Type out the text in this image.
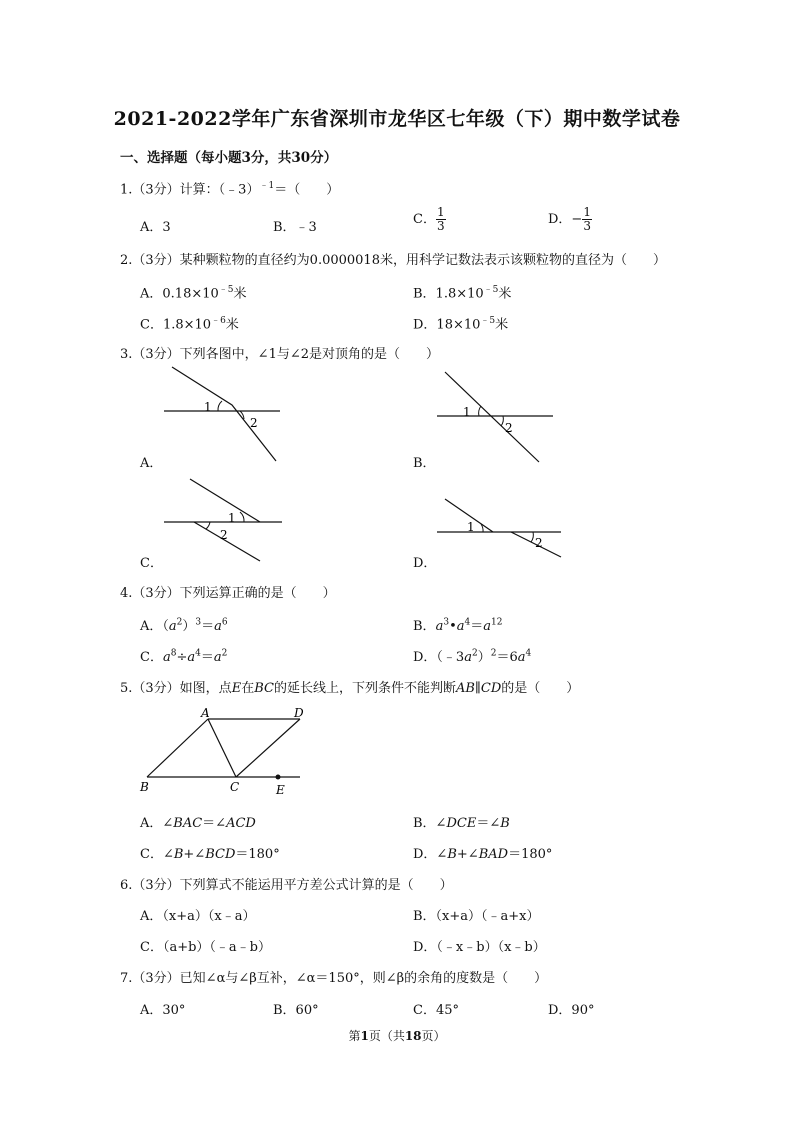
2021-2022学年广东省深圳市龙华区七年级（下）期中数学试卷
一、选择题（每小题3分，共30分）
1.（3分）计算：（﹣3）$^{﹣1}$＝（　　）
A．3	B．﹣3
C． $\frac{1}{3}$	D．− $\frac{1}{3}$
2.（3分）某种颗粒物的直径约为0.0000018米，用科学记数法表示该颗粒物的直径为（　　）
A．$0.18\times 10^{﹣5}$米	B．$1.8\times 10^{﹣5}$米
C．$1.8\times 10^{﹣6}$米	D．$18\times 10^{﹣5}$米
3.（3分）下列各图中，∠1与∠2是对顶角的是（　　）
1
2
A．
1
2
B．
1
2
C．
1
2
D．
4.（3分）下列运算正确的是（　　）
A．$(a^2)^3=a^6$	B．$a^3•a^4=a^{12}$
C．$a^8\div a^4=a^2$	D．$(﹣3a^2)^2=6a^4$
5.（3分）如图，点E在BC的延长线上，下列条件不能判断AB∥CD的是（　　）
A
B	C
D
E
A．∠BAC＝∠ACD	B．∠DCE＝∠B
C．∠B+∠BCD＝180°	D．∠B+∠BAD＝180°
6.（3分）下列算式不能运用平方差公式计算的是（　　）
A．（x+a）（x﹣a）	B．（x+a）（﹣a+x）
C．（a+b）（﹣a﹣b）	D．（﹣x﹣b）（x﹣b）
7.（3分）已知∠α与∠β互补，∠α＝150°，则∠β的余角的度数是（　　）
A．30°	B．60°	C．45°	D．90°
第1页（共18页）
